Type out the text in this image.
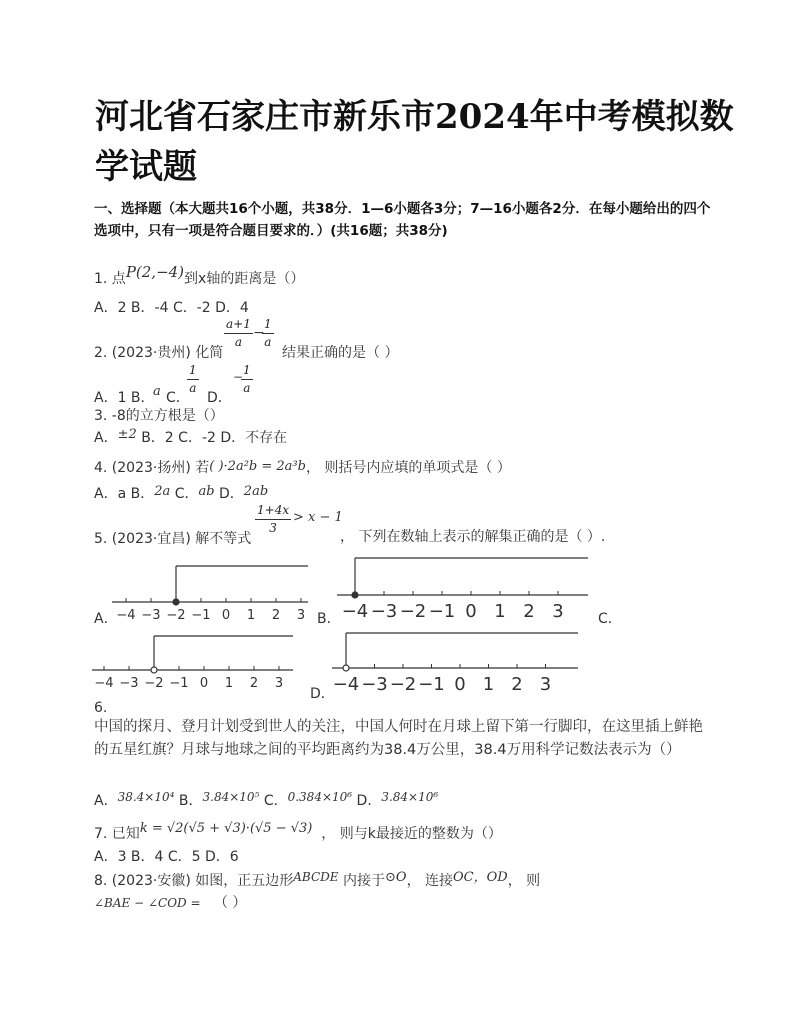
河北省石家庄市新乐市2024年中考模拟数学试题
一、选择题（本大题共16个小题，共38分．1—6小题各3分；7—16小题各2分．在每小题给出的四个选项中，只有一项是符合题目要求的．）(共16题；共38分)
1. 点P(2,−4)到x轴的距离是（）
A．2 B．-4 C．-2 D．4
2. (2023·贵州) 化简
$\frac{a+1}{a}$ −
$\frac{1}{a}$
结果正确的是（ ）
A．1 B．
a C．
$\frac{1}{a}$
D．
−
$\frac{1}{a}$
3. -8的立方根是（）
A．±2 B．2 C．-2 D．不存在
4. (2023·扬州) 若( )·2a²b = 2a³b， 则括号内应填的单项式是（ ）
A．a B．2a C．ab D．2ab
5. (2023·宜昌) 解不等式
$\frac{1+4x}{3} > x - 1$
， 下列在数轴上表示的解集正确的是（ ）.
A．	B．	C．
D．
−4 −3 −2 −1 0 1 2 3 −4 −3 −2 −1 0 1 2 3
−4 −3 −2 −1 0 1 2 3	−4 −3 −2 −1 0 1 2 3
6.
中国的探月、登月计划受到世人的关注，中国人何时在月球上留下第一行脚印，在这里插上鲜艳的五星红旗？月球与地球之间的平均距离约为38.4万公里，38.4万用科学记数法表示为（）
A．38.4×10⁴ B．3.84×10⁵ C．0.384×10⁶ D．3.84×10⁶
7. 已知k = √2(√5 + √3)·(√5 − √3) ， 则与k最接近的整数为（）
A．3 B．4 C．5 D．6
8. (2023·安徽) 如图，正五边形ABCDE 内接于⊙O， 连接OC，OD， 则
∠BAE − ∠COD = （ ）
